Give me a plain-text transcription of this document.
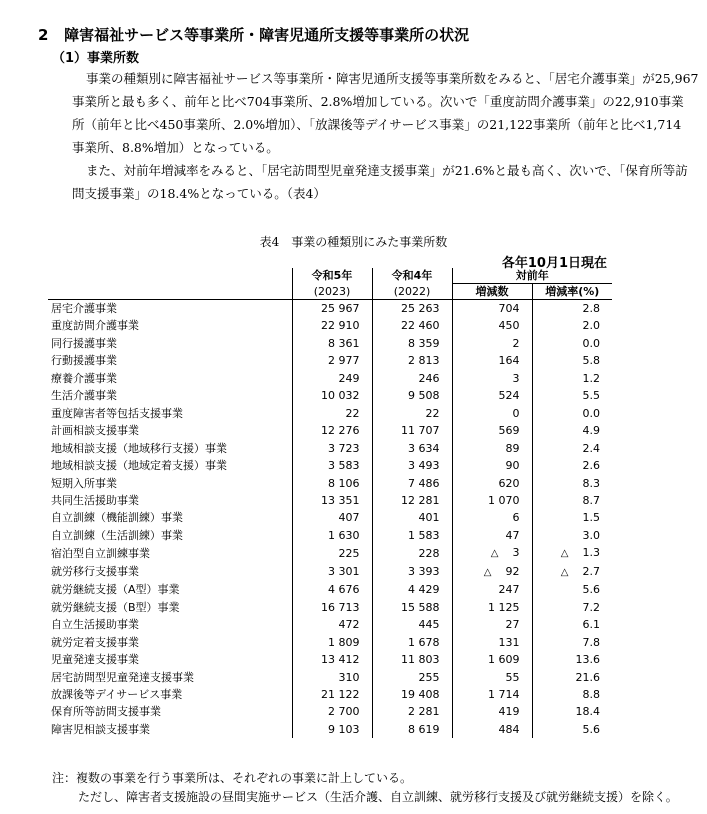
2 障害福祉サービス等事業所・障害児通所支援等事業所の状況
（1）事業所数
事業の種類別に障害福祉サービス等事業所・障害児通所支援等事業所数をみると、「居宅介護事業」が25,967
事業所と最も多く、前年と比べ704事業所、2.8%増加している。次いで「重度訪問介護事業」の22,910事業
所（前年と比べ450事業所、2.0%増加）、「放課後等デイサービス事業」の21,122事業所（前年と比べ1,714
事業所、8.8%増加）となっている。
また、対前年増減率をみると、「居宅訪問型児童発達支援事業」が21.6%と最も高く、次いで、「保育所等訪
問支援事業」の18.4%となっている。（表4）
表4　事業の種類別にみた事業所数
各年10月1日現在
	令和5年	令和4年	対前年	
	(2023)	(2022)	増減数	増減率(%)
居宅介護事業	25 967	25 263	704	2.8
重度訪問介護事業	22 910	22 460	450	2.0
同行援護事業	8 361	8 359	2	0.0
行動援護事業	2 977	2 813	164	5.8
療養介護事業	249	246	3	1.2
生活介護事業	10 032	9 508	524	5.5
重度障害者等包括支援事業	22	22	0	0.0
計画相談支援事業	12 276	11 707	569	4.9
地域相談支援（地域移行支援）事業	3 723	3 634	89	2.4
地域相談支援（地域定着支援）事業	3 583	3 493	90	2.6
短期入所事業	8 106	7 486	620	8.3
共同生活援助事業	13 351	12 281	1 070	8.7
自立訓練（機能訓練）事業	407	401	6	1.5
自立訓練（生活訓練）事業	1 630	1 583	47	3.0
宿泊型自立訓練事業	225	228	△ 3	△ 1.3
就労移行支援事業	3 301	3 393	△ 92	△ 2.7
就労継続支援（A型）事業	4 676	4 429	247	5.6
就労継続支援（B型）事業	16 713	15 588	1 125	7.2
自立生活援助事業	472	445	27	6.1
就労定着支援事業	1 809	1 678	131	7.8
児童発達支援事業	13 412	11 803	1 609	13.6
居宅訪問型児童発達支援事業	310	255	55	21.6
放課後等デイサービス事業	21 122	19 408	1 714	8.8
保育所等訪問支援事業	2 700	2 281	419	18.4
障害児相談支援事業	9 103	8 619	484	5.6
注：複数の事業を行う事業所は、それぞれの事業に計上している。
ただし、障害者支援施設の昼間実施サービス（生活介護、自立訓練、就労移行支援及び就労継続支援）を除く。
